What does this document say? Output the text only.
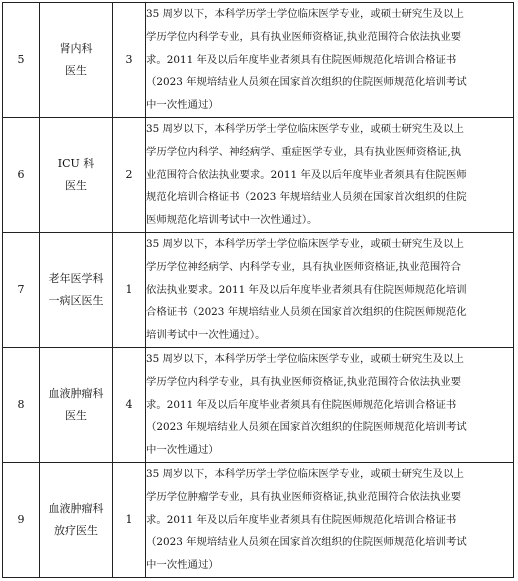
5	肾内科
医生	3	35 周岁以下，本科学历学士学位临床医学专业，或硕士研究生及以上
学历学位内科学专业，具有执业医师资格证,执业范围符合依法执业要
求。2011 年及以后年度毕业者须具有住院医师规范化培训合格证书
（2023 年规培结业人员须在国家首次组织的住院医师规范化培训考试
中一次性通过）

6	ICU 科
医生	2	35 周岁以下，本科学历学士学位临床医学专业，或硕士研究生及以上
学历学位内科学、神经病学、重症医学专业，具有执业医师资格证,执
业范围符合依法执业要求。2011 年及以后年度毕业者须具有住院医师
规范化培训合格证书（2023 年规培结业人员须在国家首次组织的住院
医师规范化培训考试中一次性通过）。

7	老年医学科
一病区医生	1	35 周岁以下，本科学历学士学位临床医学专业，或硕士研究生及以上
学历学位神经病学、内科学专业，具有执业医师资格证,执业范围符合
依法执业要求。2011 年及以后年度毕业者须具有住院医师规范化培训
合格证书（2023 年规培结业人员须在国家首次组织的住院医师规范化
培训考试中一次性通过）。

8	血液肿瘤科
医生	4	35 周岁以下，本科学历学士学位临床医学专业，或硕士研究生及以上
学历学位内科学专业，具有执业医师资格证,执业范围符合依法执业要
求。2011 年及以后年度毕业者须具有住院医师规范化培训合格证书
（2023 年规培结业人员须在国家首次组织的住院医师规范化培训考试
中一次性通过）

9	血液肿瘤科
放疗医生	1	35 周岁以下，本科学历学士学位临床医学专业，或硕士研究生及以上
学历学位肿瘤学专业，具有执业医师资格证,执业范围符合依法执业要
求。2011 年及以后年度毕业者须具有住院医师规范化培训合格证书
（2023 年规培结业人员须在国家首次组织的住院医师规范化培训考试
中一次性通过）
